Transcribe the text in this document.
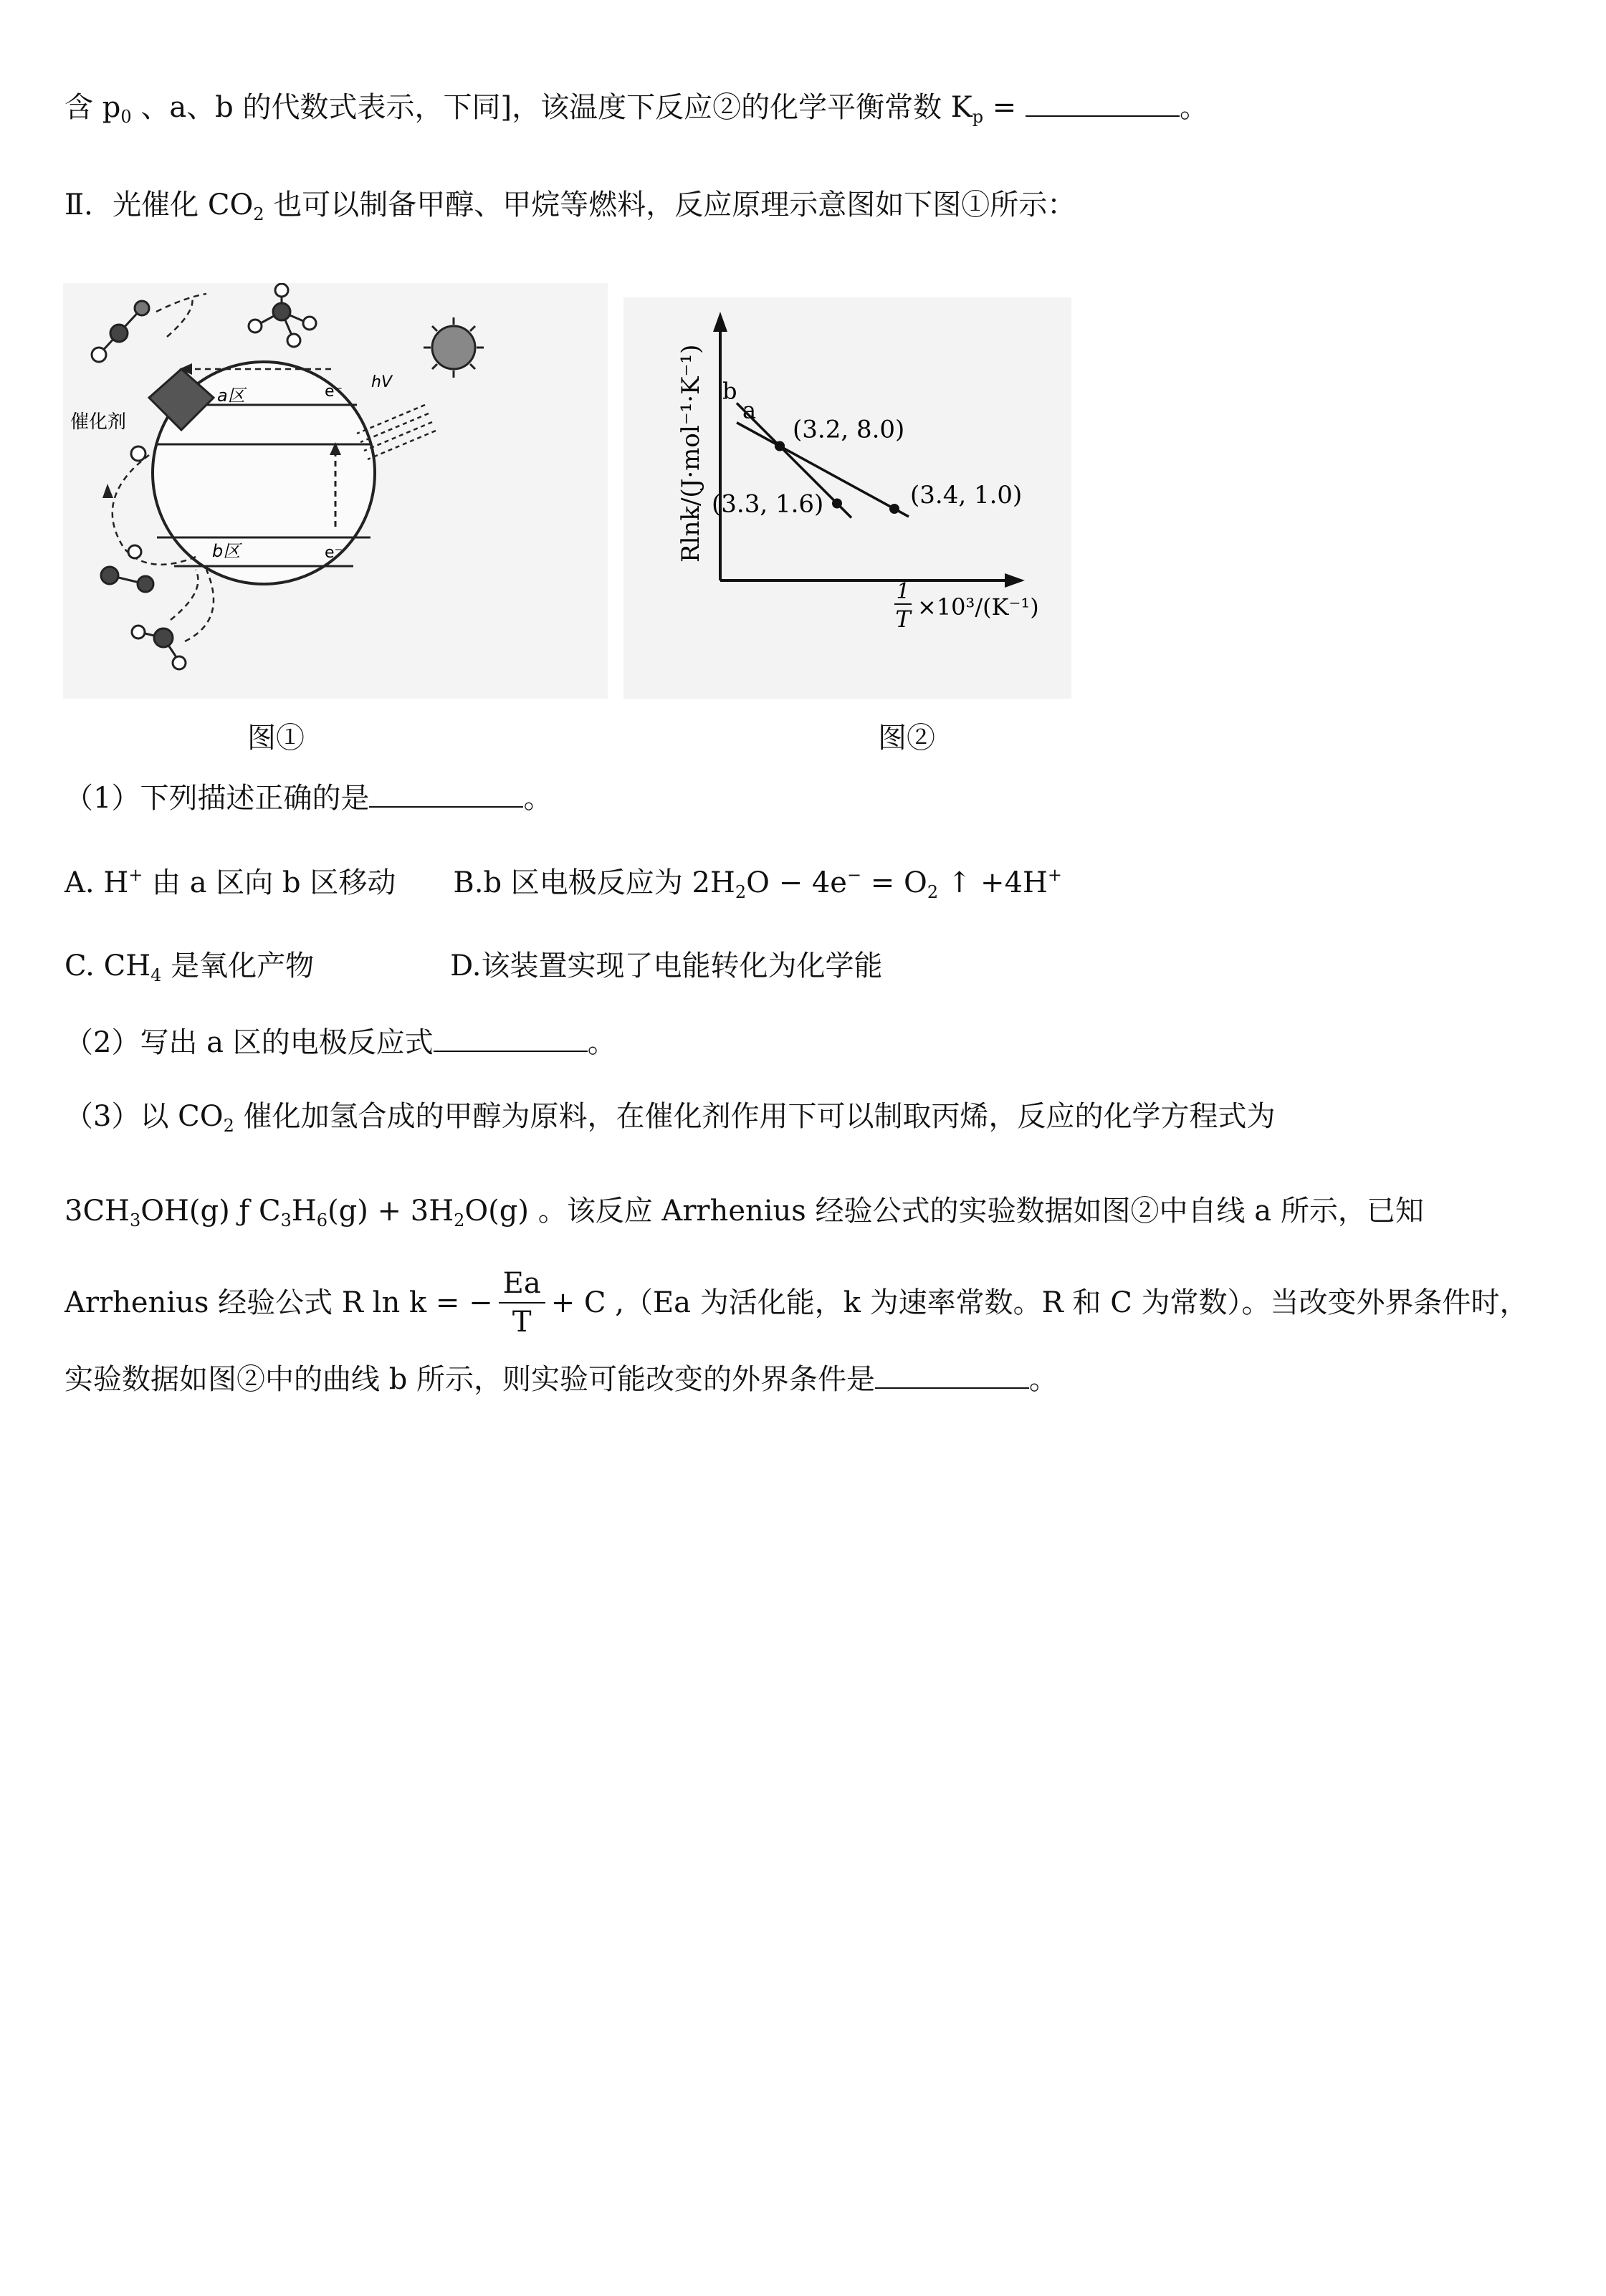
含 $p_0$ 、a、b 的代数式表示，下同]，该温度下反应②的化学平衡常数 $K_p$ =	。
Ⅱ．光催化 $CO_2$ 也可以制备甲醇、甲烷等燃料，反应原理示意图如下图①所示：
e⁻
e⁻
a区
b区
催化剂
hV	Rlnk/(J·mol⁻¹·K⁻¹)
1
T ×10³/(K⁻¹)
a
b
(3.2, 8.0)
(3.3, 1.6)	(3.4, 1.0)
图①	图②
（1）下列描述正确的是	。
A. H+ 由 a 区向 b 区移动 B.b 区电极反应为 $2H_2O - 4e^- = O_2$ ↑ +4H+
C. $CH_4$ 是氧化产物	D.该装置实现了电能转化为化学能
（2）写出 a 区的电极反应式	。
（3）以 $CO_2$ 催化加氢合成的甲醇为原料，在催化剂作用下可以制取丙烯，反应的化学方程式为
$3CH_3OH(g)$ ƒ $C_3H_6(g) + 3H_2O(g)$ 。该反应 Arrhenius 经验公式的实验数据如图②中自线 a 所示，已知
Arrhenius 经验公式 R ln k = − $\frac{Ea}{T} + C$ ,（Ea 为活化能，k 为速率常数。R 和 C 为常数）。当改变外界条件时，
实验数据如图②中的曲线 b 所示，则实验可能改变的外界条件是	。
